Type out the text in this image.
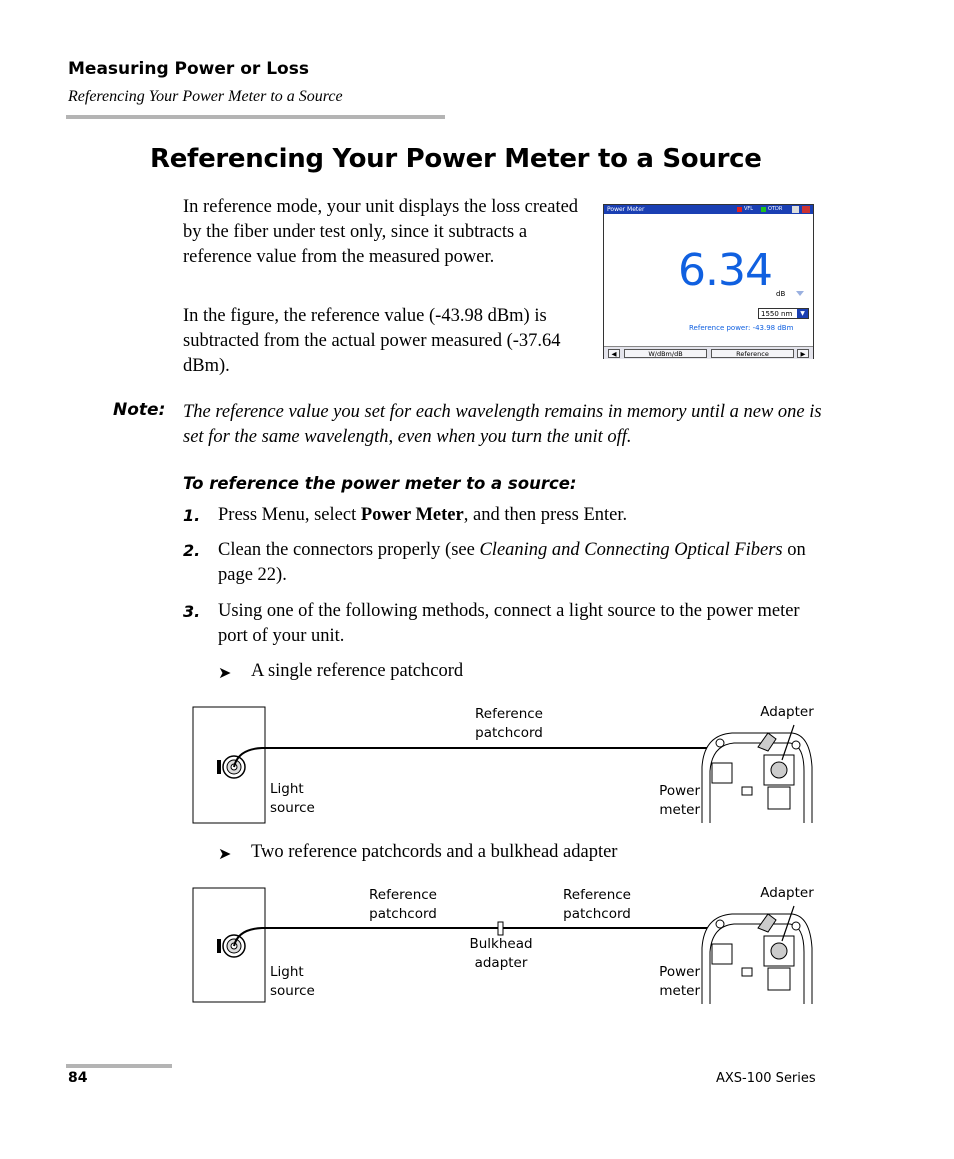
Measuring Power or Loss
Referencing Your Power Meter to a Source
Referencing Your Power Meter to a Source
In reference mode, your unit displays the loss created by the fiber under test only, since it subtracts a reference value from the measured power.
In the figure, the reference value (-43.98 dBm) is subtracted from the actual power measured (-37.64 dBm).
Power Meter	VFL	OTDR
6.34 dB
1550 nm	▼
Reference power: -43.98 dBm
◀	W/dBm/dB	Reference	▶
Note: The reference value you set for each wavelength remains in memory until a new one is set for the same wavelength, even when you turn the unit off.
To reference the power meter to a source:
1. Press Menu, select Power Meter, and then press Enter.
2. Clean the connectors properly (see Cleaning and Connecting Optical Fibers on page 22).
3. Using one of the following methods, connect a light source to the power meter port of your unit.
➤ A single reference patchcord
Reference
patchcord
Adapter
Light
source
Power
meter
➤ Two reference patchcords and a bulkhead adapter
Reference
patchcord
Reference
patchcord
Adapter
Bulkhead
adapter
Light
source
Power
meter
84	AXS-100 Series
